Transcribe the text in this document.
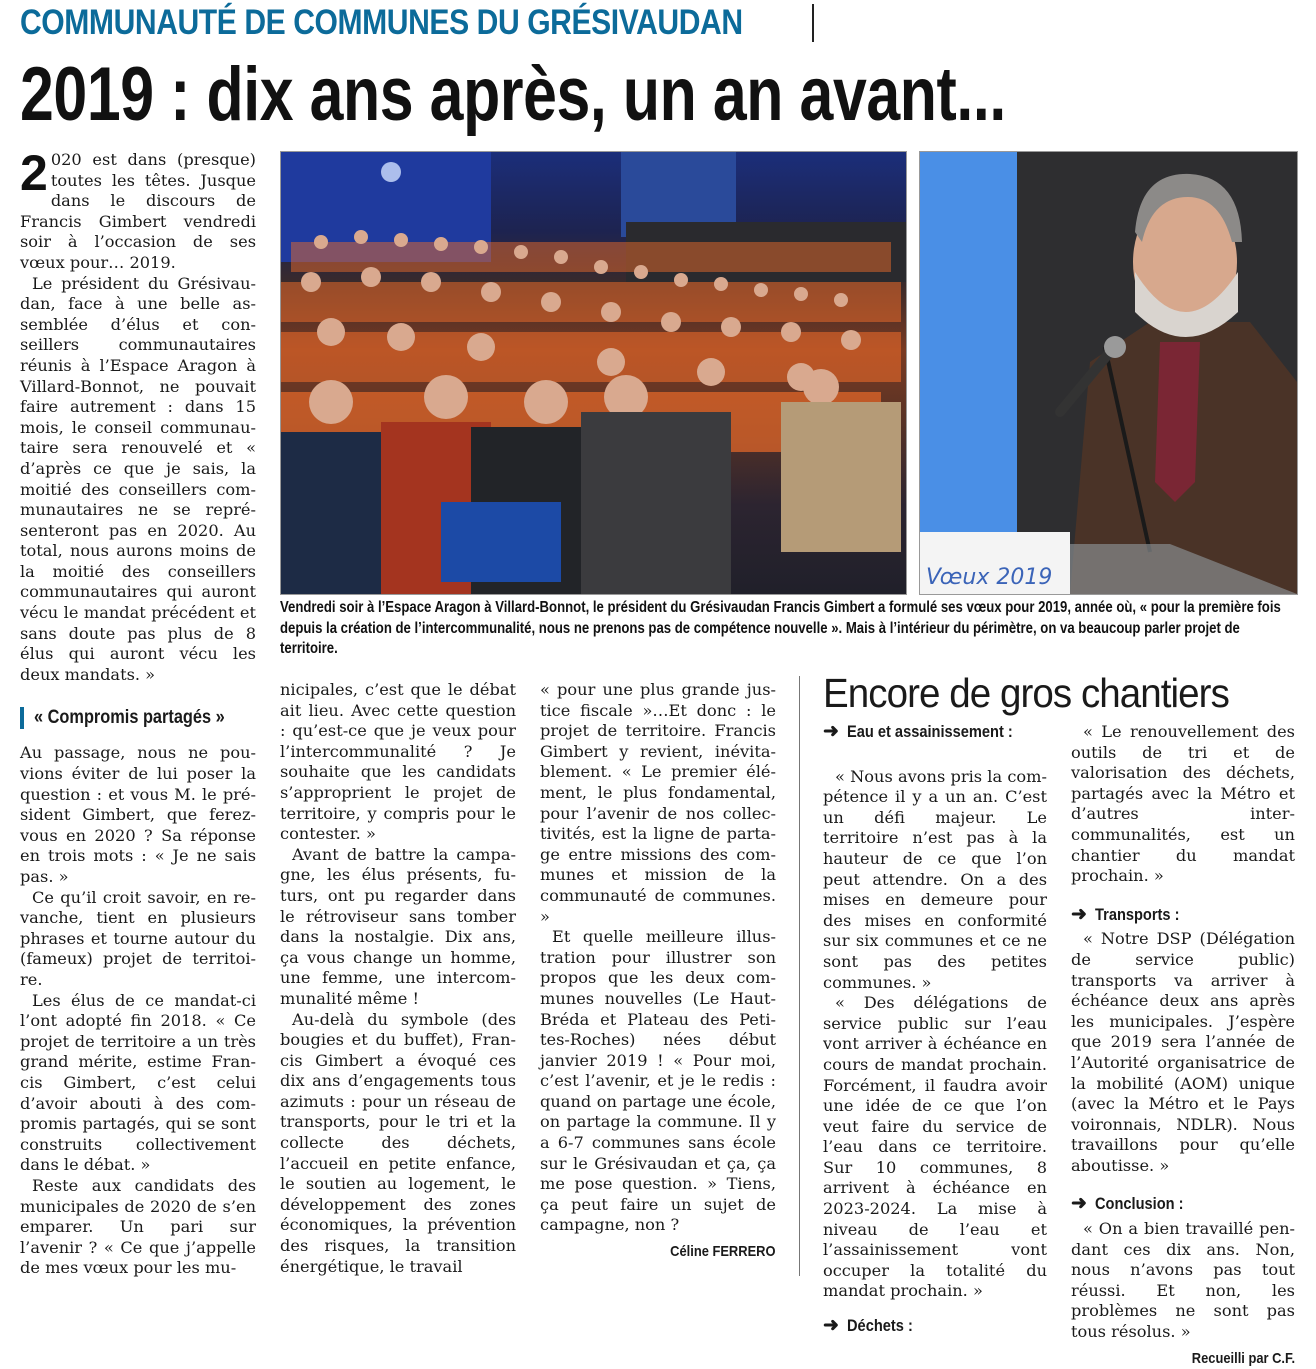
COMMUNAUTÉ DE COMMUNES DU GRÉSIVAUDAN
2019 : dix ans après, un an avant...
2 020 est dans (presque) toutes les têtes. Jusque dans le discours de Francis Gimbert vendredi soir à l’occasion de ses vœux pour… 2019.

Le président du Grésivaudan, face à une belle assemblée d’élus et conseillers communautaires réunis à l’Espace Aragon à Villard-Bonnot, ne pouvait faire autrement : dans 15 mois, le conseil communautaire sera renouvelé et « d’après ce que je sais, la moitié des conseillers communautaires ne se représenteront pas en 2020. Au total, nous aurons moins de la moitié des conseillers communautaires qui auront vécu le mandat précédent et sans doute pas plus de 8 élus qui auront vécu les deux mandats. »

« Compromis partagés »

Au passage, nous ne pouvions éviter de lui poser la question : et vous M. le président Gimbert, que ferez-vous en 2020 ? Sa réponse en trois mots : « Je ne sais pas. »

Ce qu’il croit savoir, en revanche, tient en plusieurs phrases et tourne autour du (fameux) projet de territoire.

Les élus de ce mandat-ci l’ont adopté fin 2018. « Ce projet de territoire a un très grand mérite, estime Francis Gimbert, c’est celui d’avoir abouti à des compromis partagés, qui se sont construits collectivement dans le débat. »

Reste aux candidats des municipales de 2020 de s’en emparer. Un pari sur l’avenir ? « Ce que j’appelle de mes vœux pour les mu-

Vœux 2019
Vendredi soir à l’Espace Aragon à Villard-Bonnot, le président du Grésivaudan Francis Gimbert a formulé ses vœux pour 2019, année où, « pour la première fois depuis la création de l’intercommunalité, nous ne prenons pas de compétence nouvelle ». Mais à l’intérieur du périmètre, on va beaucoup parler projet de territoire.

nicipales, c’est que le débat ait lieu. Avec cette question : qu’est-ce que je veux pour l’intercommunalité ? Je souhaite que les candidats s’approprient le projet de territoire, y compris pour le contester. »

Avant de battre la campagne, les élus présents, futurs, ont pu regarder dans le rétroviseur sans tomber dans la nostalgie. Dix ans, ça vous change un homme, une femme, une intercommunalité même !

Au-delà du symbole (des bougies et du buffet), Francis Gimbert a évoqué ces dix ans d’engagements tous azimuts : pour un réseau de transports, pour le tri et la collecte des déchets, l’accueil en petite enfance, le soutien au logement, le développement des zones économiques, la prévention des risques, la transition énergétique, le travail

« pour une plus grande justice fiscale »…Et donc : le projet de territoire. Francis Gimbert y revient, inévitablement. « Le premier élément, le plus fondamental, pour l’avenir de nos collectivités, est la ligne de partage entre missions des communes et mission de la communauté de communes. »

Et quelle meilleure illustration pour illustrer son propos que les deux communes nouvelles (Le Haut-Bréda et Plateau des Petites-Roches) nées début janvier 2019 ! « Pour moi, c’est l’avenir, et je le redis : quand on partage une école, on partage la commune. Il y a 6-7 communes sans école sur le Grésivaudan et ça, ça me pose question. » Tiens, ça peut faire un sujet de campagne, non ?

Céline FERRERO
Encore de gros chantiers
➜ Eau et assainissement :

« Nous avons pris la compétence il y a un an. C’est un défi majeur. Le territoire n’est pas à la hauteur de ce que l’on peut attendre. On a des mises en demeure pour des mises en conformité sur six communes et ce ne sont pas des petites communes. »

« Des délégations de service public sur l’eau vont arriver à échéance en cours de mandat prochain. Forcément, il faudra avoir une idée de ce que l’on veut faire du service de l’eau dans ce territoire. Sur 10 communes, 8 arrivent à échéance en 2023-2024. La mise à niveau de l’eau et l’assainissement vont occuper la totalité du mandat prochain. »

➜ Déchets :

« Le renouvellement des outils de tri et de valorisation des déchets, partagés avec la Métro et d’autres intercommunalités, est un chantier du mandat prochain. »

➜ Transports :

« Notre DSP (Délégation de service public) transports va arriver à échéance deux ans après les municipales. J’espère que 2019 sera l’année de l’Autorité organisatrice de la mobilité (AOM) unique (avec la Métro et le Pays voironnais, NDLR). Nous travaillons pour qu’elle aboutisse. »

➜ Conclusion :

« On a bien travaillé pendant ces dix ans. Non, nous n’avons pas tout réussi. Et non, les problèmes ne sont pas tous résolus. »

Recueilli par C.F.
